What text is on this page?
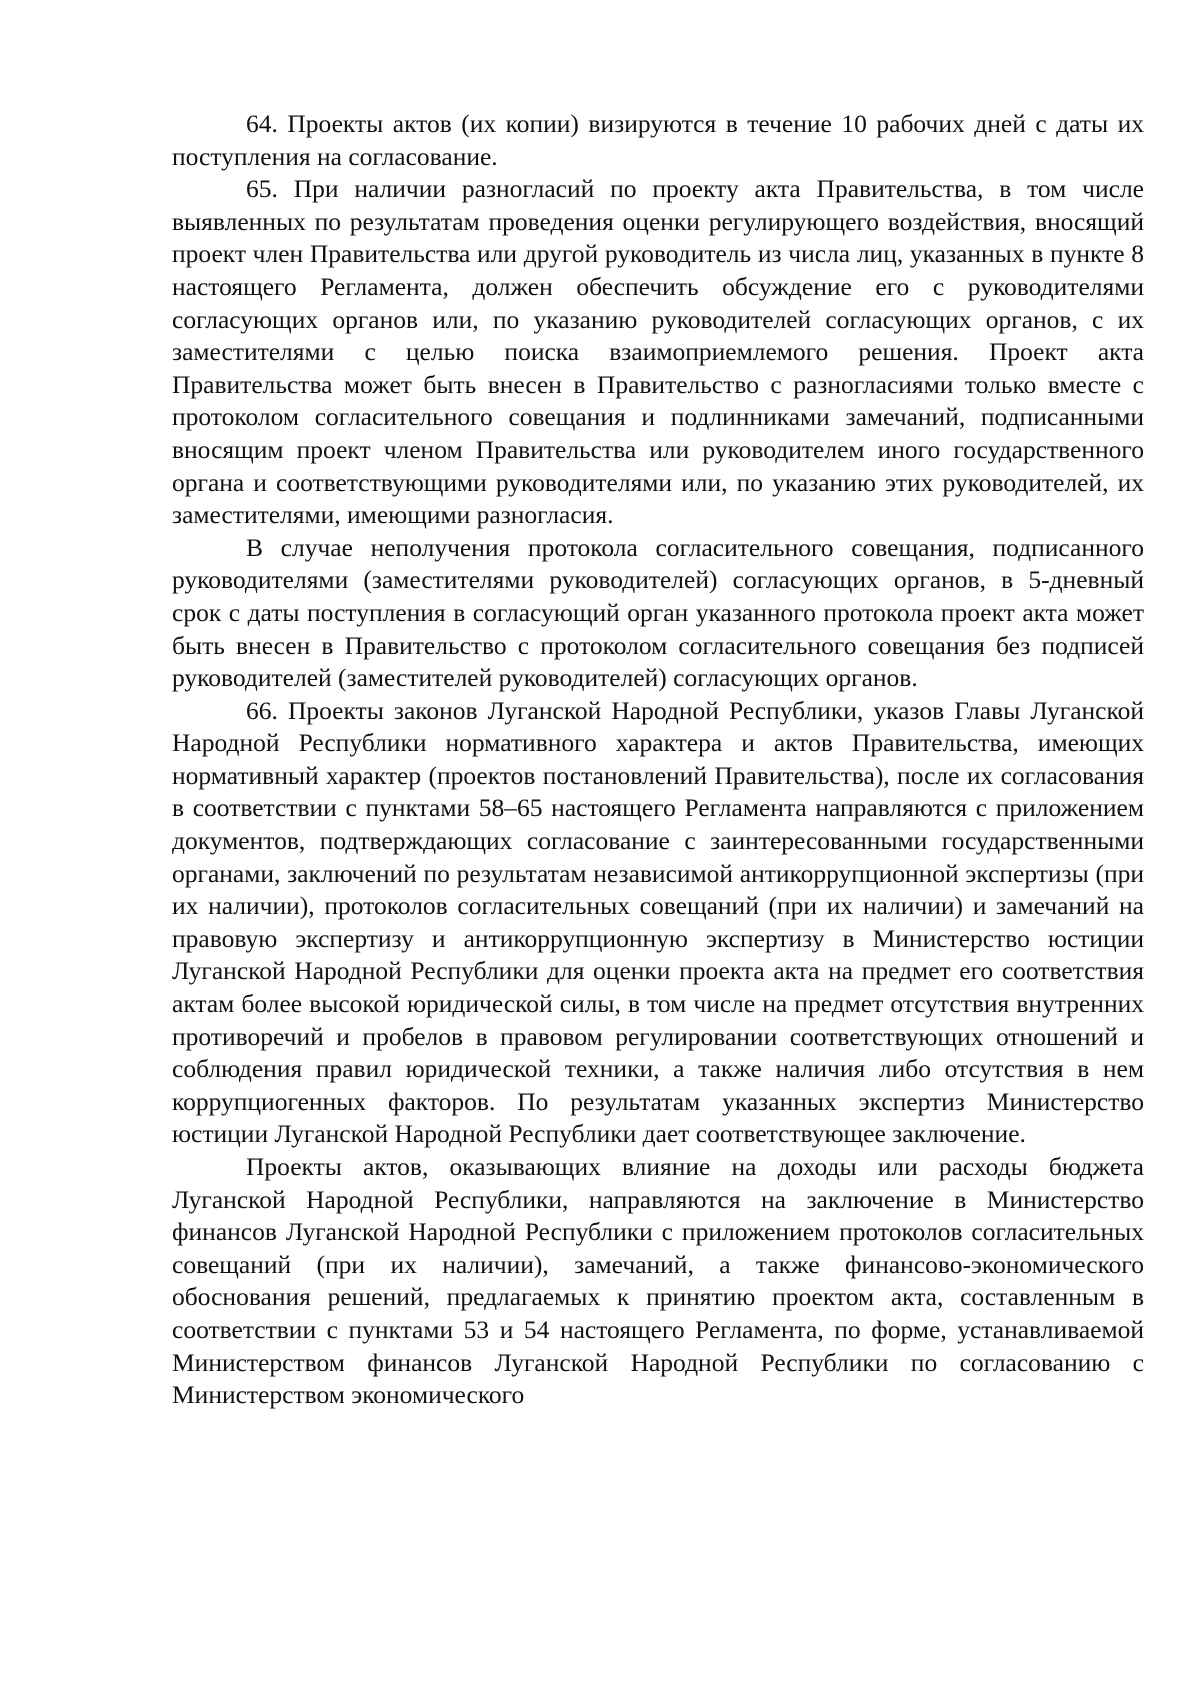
64. Проекты актов (их копии) визируются в течение 10 рабочих дней с даты их поступления на согласование.

65. При наличии разногласий по проекту акта Правительства, в том числе выявленных по результатам проведения оценки регулирующего воздействия, вносящий проект член Правительства или другой руководитель из числа лиц, указанных в пункте 8 настоящего Регламента, должен обеспечить обсуждение его с руководителями согласующих органов или, по указанию руководителей согласующих органов, с их заместителями с целью поиска взаимоприемлемого решения. Проект акта Правительства может быть внесен в Правительство с разногласиями только вместе с протоколом согласительного совещания и подлинниками замечаний, подписанными вносящим проект членом Правительства или руководителем иного государственного органа и соответствующими руководителями или, по указанию этих руководителей, их заместителями, имеющими разногласия.

В случае неполучения протокола согласительного совещания, подписанного руководителями (заместителями руководителей) согласующих органов, в 5-дневный срок с даты поступления в согласующий орган указанного протокола проект акта может быть внесен в Правительство с протоколом согласительного совещания без подписей руководителей (заместителей руководителей) согласующих органов.

66. Проекты законов Луганской Народной Республики, указов Главы Луганской Народной Республики нормативного характера и актов Правительства, имеющих нормативный характер (проектов постановлений Правительства), после их согласования в соответствии с пунктами 58–65 настоящего Регламента направляются с приложением документов, подтверждающих согласование с заинтересованными государственными органами, заключений по результатам независимой антикоррупционной экспертизы (при их наличии), протоколов согласительных совещаний (при их наличии) и замечаний на правовую экспертизу и антикоррупционную экспертизу в Министерство юстиции Луганской Народной Республики для оценки проекта акта на предмет его соответствия актам более высокой юридической силы, в том числе на предмет отсутствия внутренних противоречий и пробелов в правовом регулировании соответствующих отношений и соблюдения правил юридической техники, а также наличия либо отсутствия в нем коррупциогенных факторов. По результатам указанных экспертиз Министерство юстиции Луганской Народной Республики дает соответствующее заключение.

Проекты актов, оказывающих влияние на доходы или расходы бюджета Луганской Народной Республики, направляются на заключение в Министерство финансов Луганской Народной Республики с приложением протоколов согласительных совещаний (при их наличии), замечаний, а также финансово-экономического обоснования решений, предлагаемых к принятию проектом акта, составленным в соответствии с пунктами 53 и 54 настоящего Регламента, по форме, устанавливаемой Министерством финансов Луганской Народной Республики по согласованию с Министерством экономического
